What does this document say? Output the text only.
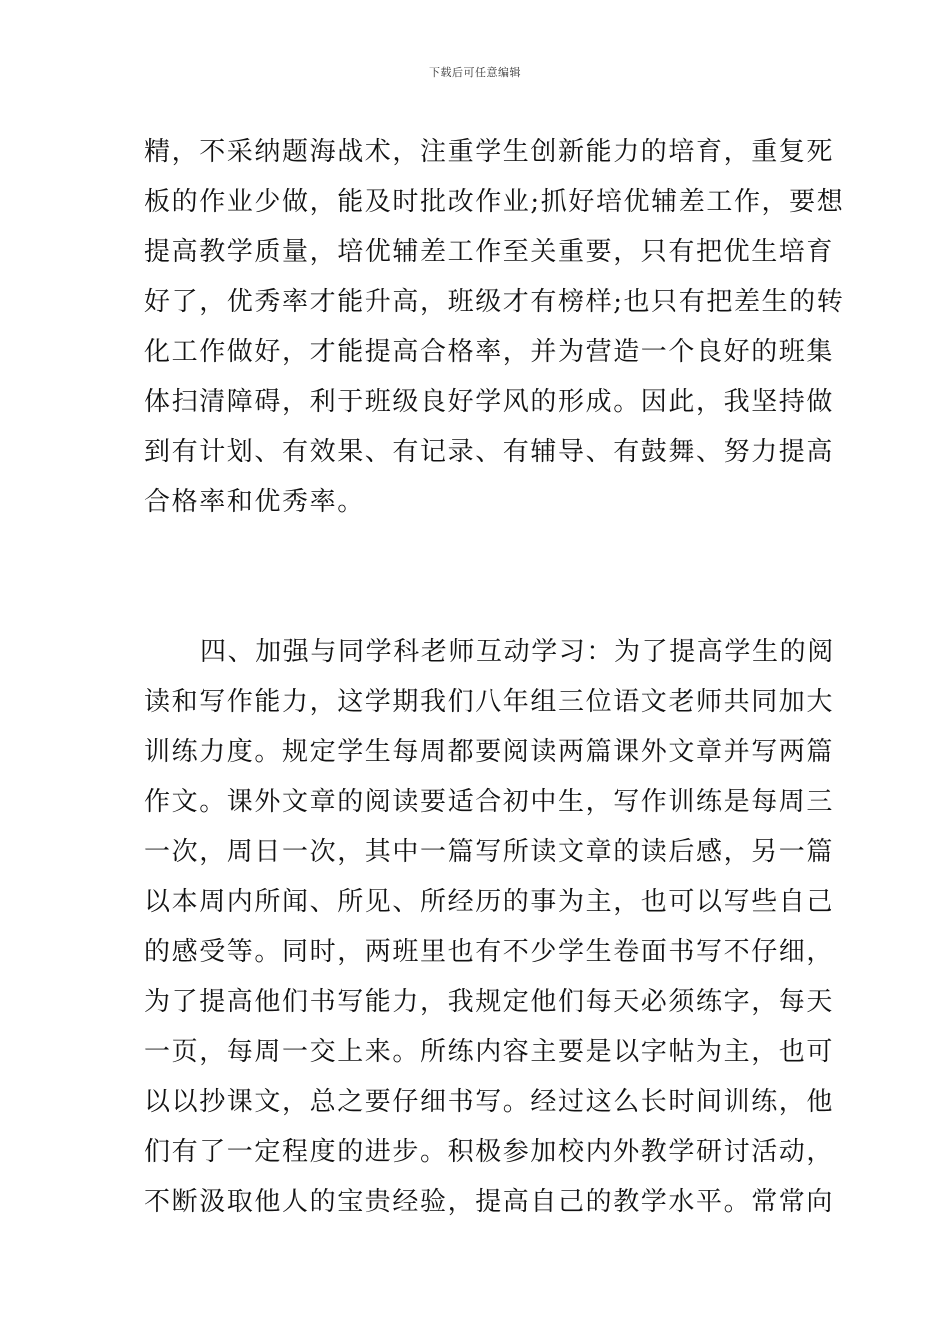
下载后可任意编辑
精，不采纳题海战术，注重学生创新能力的培育，重复死
板的作业少做，能及时批改作业;抓好培优辅差工作，要想
提高教学质量，培优辅差工作至关重要，只有把优生培育
好了，优秀率才能升高，班级才有榜样;也只有把差生的转
化工作做好，才能提高合格率，并为营造一个良好的班集
体扫清障碍，利于班级良好学风的形成。因此，我坚持做
到有计划、有效果、有记录、有辅导、有鼓舞、努力提高
合格率和优秀率。
四、加强与同学科老师互动学习：为了提高学生的阅
读和写作能力，这学期我们八年组三位语文老师共同加大
训练力度。规定学生每周都要阅读两篇课外文章并写两篇
作文。课外文章的阅读要适合初中生，写作训练是每周三
一次，周日一次，其中一篇写所读文章的读后感，另一篇
以本周内所闻、所见、所经历的事为主，也可以写些自己
的感受等。同时，两班里也有不少学生卷面书写不仔细，
为了提高他们书写能力，我规定他们每天必须练字，每天
一页，每周一交上来。所练内容主要是以字帖为主，也可
以以抄课文，总之要仔细书写。经过这么长时间训练，他
们有了一定程度的进步。积极参加校内外教学研讨活动，
不断汲取他人的宝贵经验，提高自己的教学水平。常常向
